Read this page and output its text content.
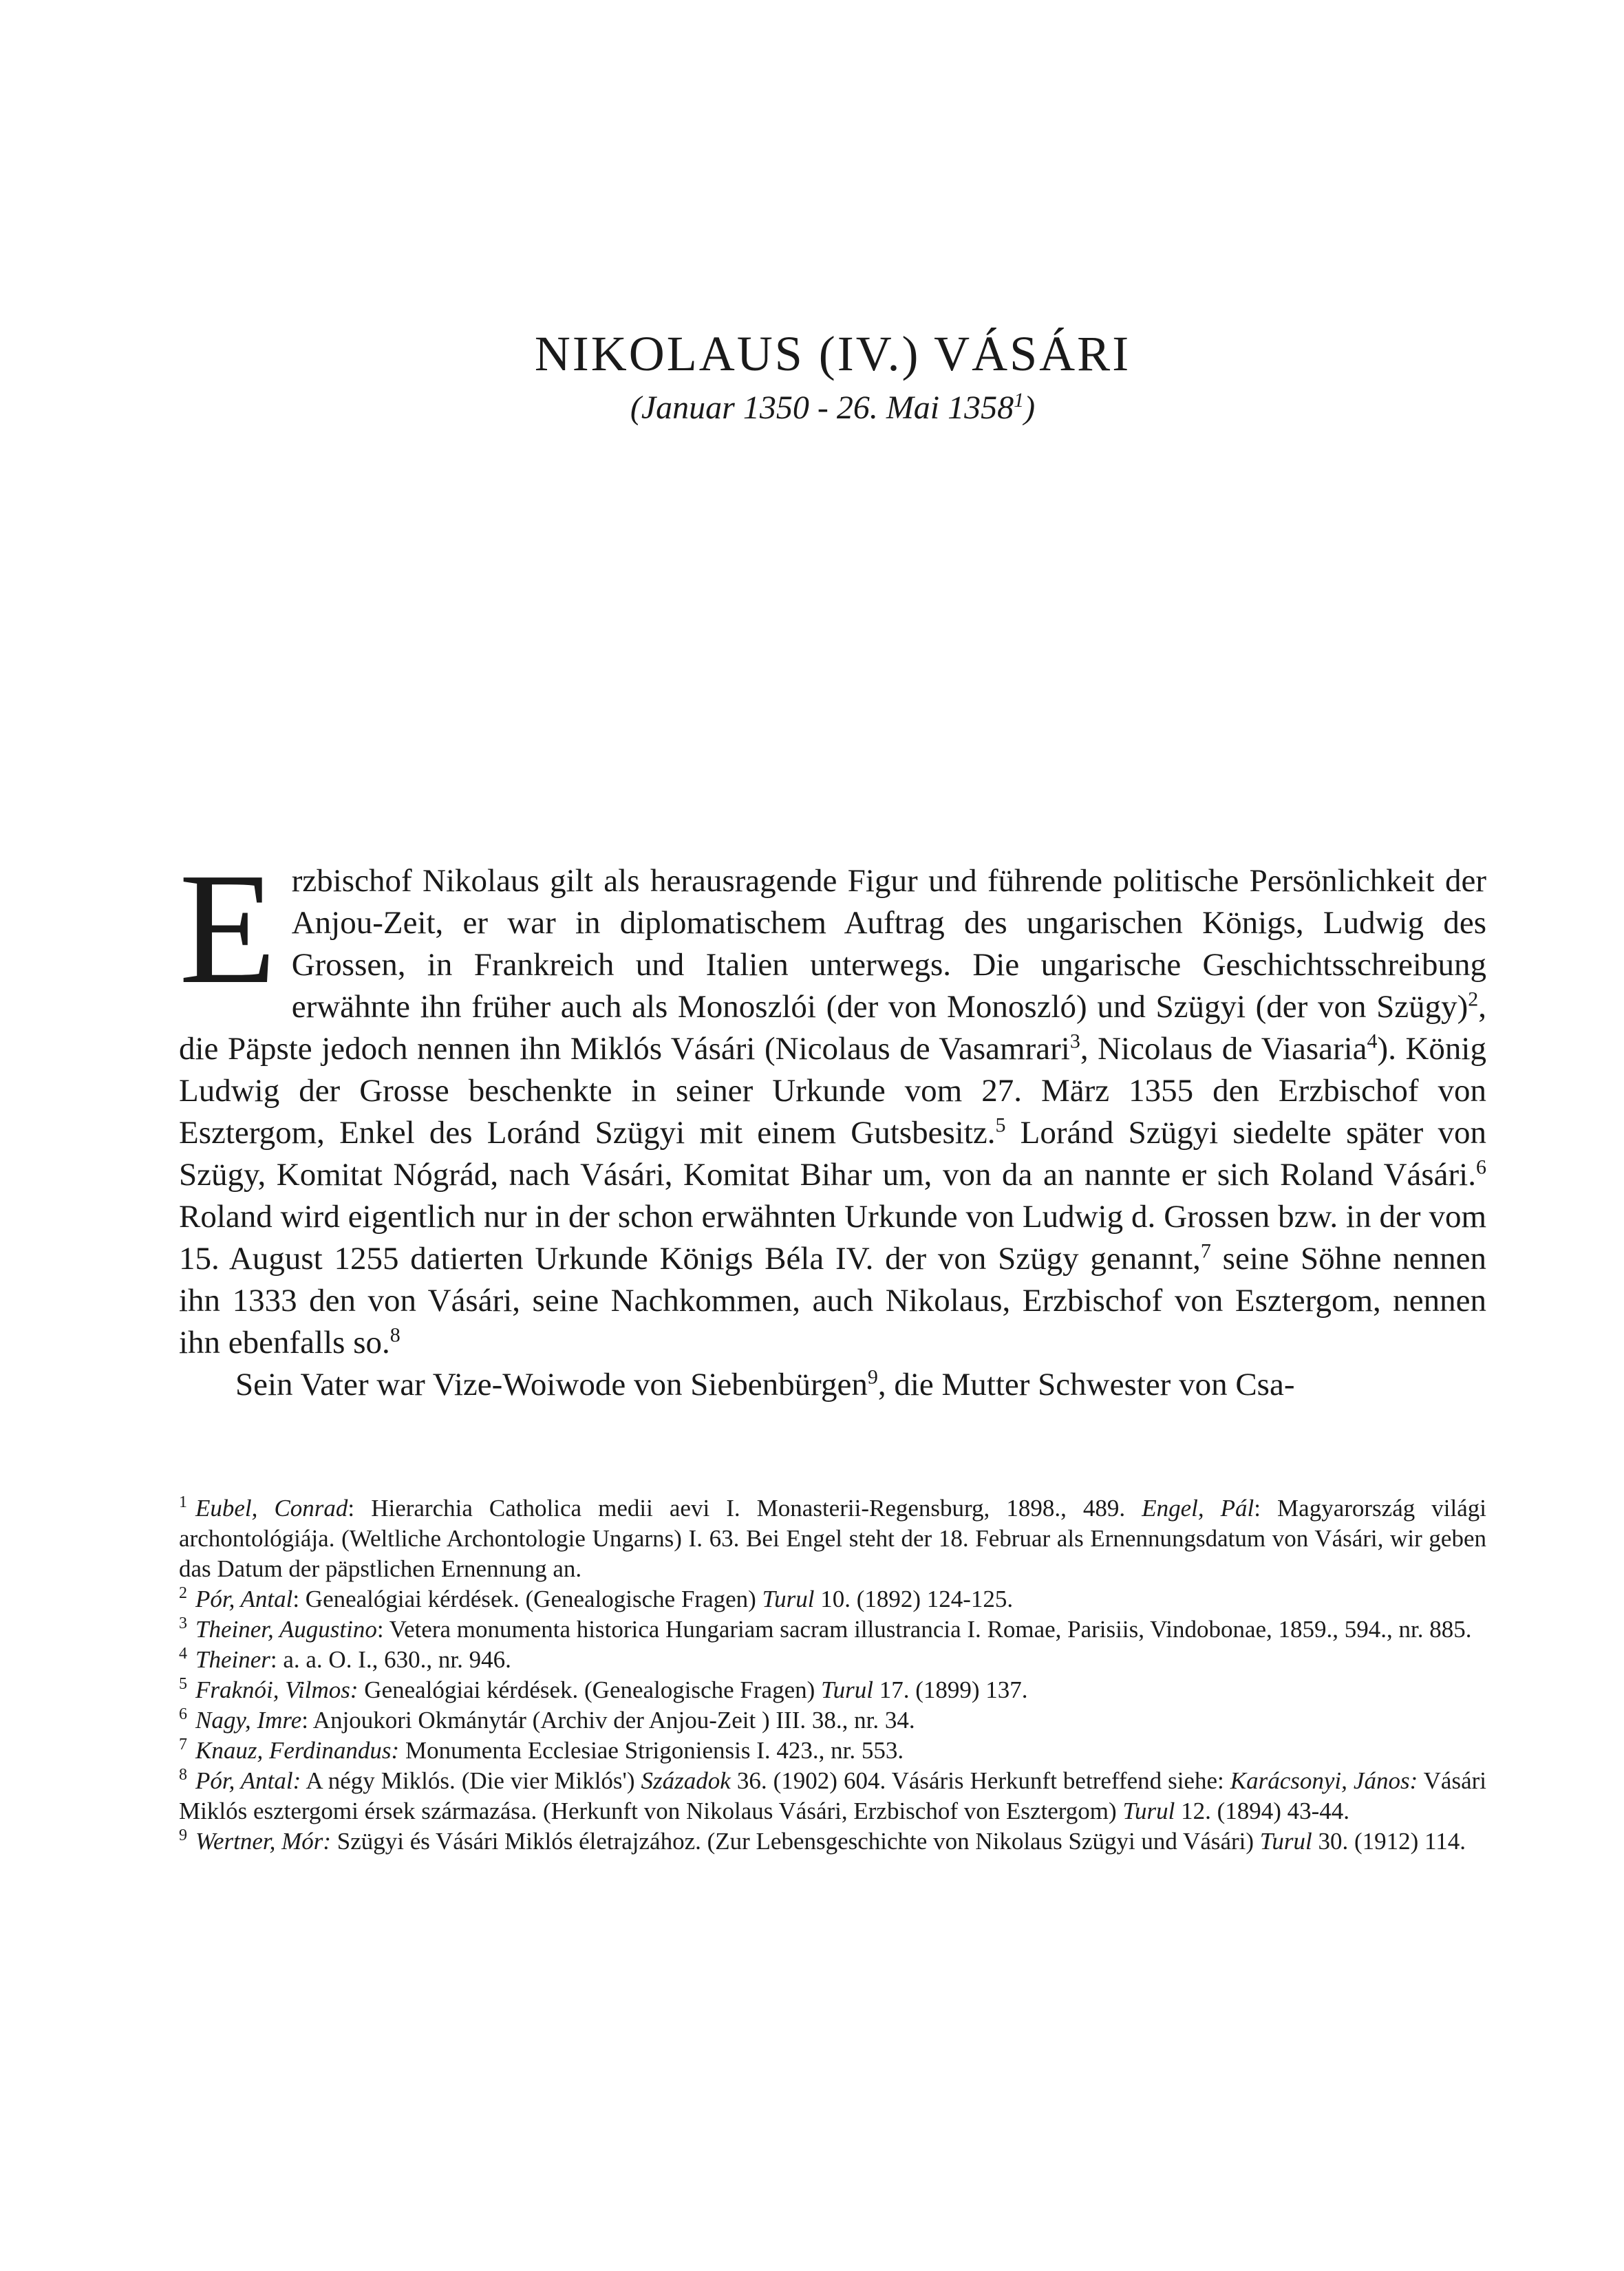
NIKOLAUS (IV.) VÁSÁRI
(Januar 1350 - 26. Mai 1358$^1$)

Erzbischof Nikolaus gilt als herausragende Figur und führende politische Persönlichkeit der Anjou-Zeit, er war in diplomatischem Auftrag des ungarischen Königs, Ludwig des Grossen, in Frankreich und Italien unterwegs. Die ungarische Geschichtsschreibung erwähnte ihn früher auch als Monoszlói (der von Monoszló) und Szügyi (der von Szügy)$^2$, die Päpste jedoch nennen ihn Miklós Vásári (Nicolaus de Vasamrari$^3$, Nicolaus de Viasaria$^4$). König Ludwig der Grosse beschenkte in seiner Urkunde vom 27. März 1355 den Erzbischof von Esztergom, Enkel des Loránd Szügyi mit einem Gutsbesitz.$^5$ Loránd Szügyi siedelte später von Szügy, Komitat Nógrád, nach Vásári, Komitat Bihar um, von da an nannte er sich Roland Vásári.$^6$ Roland wird eigentlich nur in der schon erwähnten Urkunde von Ludwig d. Grossen bzw. in der vom 15. August 1255 datierten Urkunde Königs Béla IV. der von Szügy genannt,$^7$ seine Söhne nennen ihn 1333 den von Vásári, seine Nachkommen, auch Nikolaus, Erzbischof von Esztergom, nennen ihn ebenfalls so.$^8$

Sein Vater war Vize-Woiwode von Siebenbürgen$^9$, die Mutter Schwester von Csa-

$^1$ Eubel, Conrad: Hierarchia Catholica medii aevi I. Monasterii-Regensburg, 1898., 489. Engel, Pál: Magyarország világi archontológiája. (Weltliche Archontologie Ungarns) I. 63. Bei Engel steht der 18. Februar als Ernennungsdatum von Vásári, wir geben das Datum der päpstlichen Ernennung an.

$^2$ Pór, Antal: Genealógiai kérdések. (Genealogische Fragen) Turul 10. (1892) 124-125.

$^3$ Theiner, Augustino: Vetera monumenta historica Hungariam sacram illustrancia I. Romae, Parisiis, Vindobonae, 1859., 594., nr. 885.

$^4$ Theiner: a. a. O. I., 630., nr. 946.

$^5$ Fraknói, Vilmos: Genealógiai kérdések. (Genealogische Fragen) Turul 17. (1899) 137.

$^6$ Nagy, Imre: Anjoukori Okmánytár (Archiv der Anjou-Zeit ) III. 38., nr. 34.

$^7$ Knauz, Ferdinandus: Monumenta Ecclesiae Strigoniensis I. 423., nr. 553.

$^8$ Pór, Antal: A négy Miklós. (Die vier Miklós') Századok 36. (1902) 604. Vásáris Herkunft betreffend siehe: Karácsonyi, János: Vásári Miklós esztergomi érsek származása. (Herkunft von Nikolaus Vásári, Erzbischof von Esztergom) Turul 12. (1894) 43-44.

$^9$ Wertner, Mór: Szügyi és Vásári Miklós életrajzához. (Zur Lebensgeschichte von Nikolaus Szügyi und Vásári) Turul 30. (1912) 114.
